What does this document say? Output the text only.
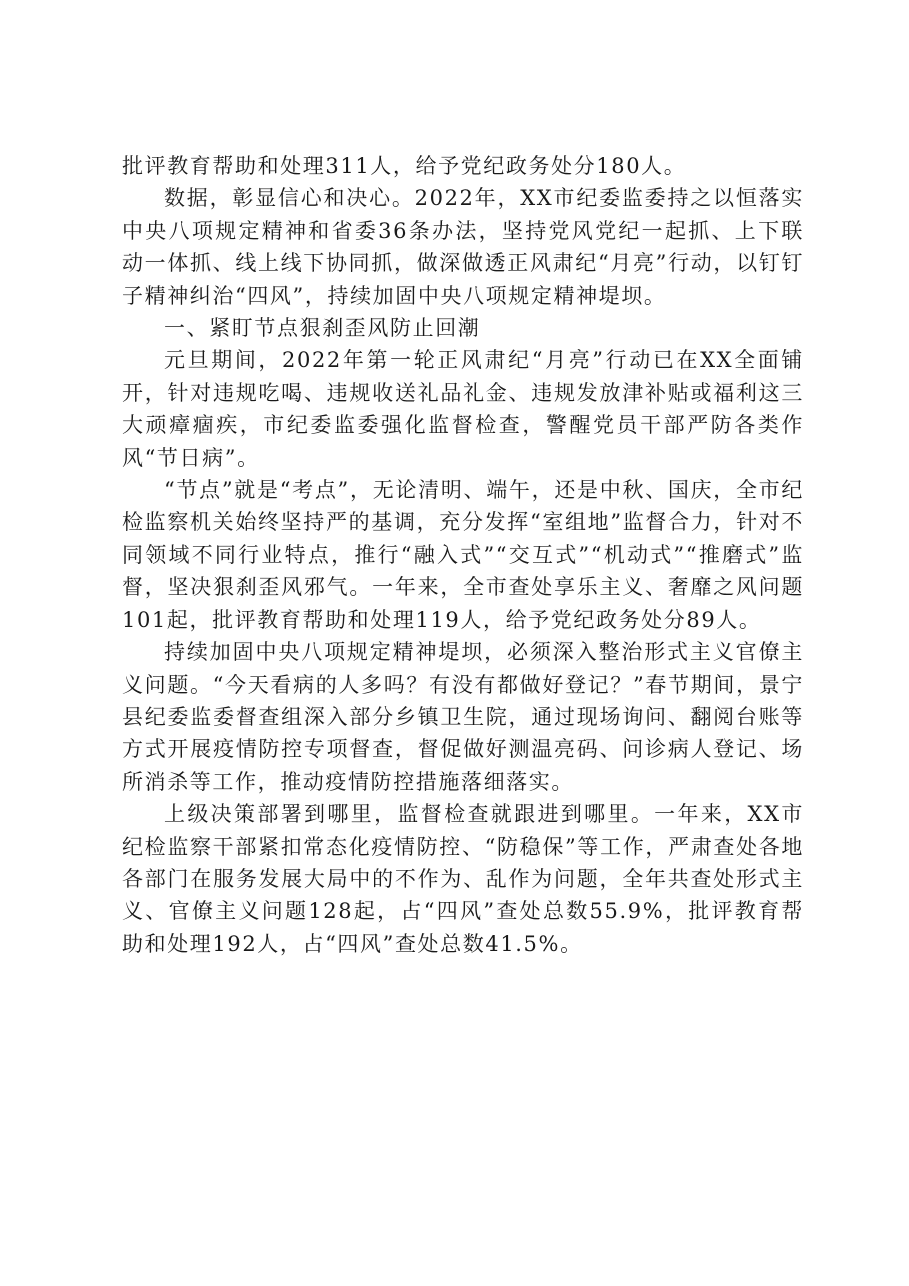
批评教育帮助和处理311人，给予党纪政务处分180人。

数据，彰显信心和决心。2022年，XX市纪委监委持之以恒落实中央八项规定精神和省委36条办法，坚持党风党纪一起抓、上下联动一体抓、线上线下协同抓，做深做透正风肃纪“月亮”行动，以钉钉子精神纠治“四风”，持续加固中央八项规定精神堤坝。

一、紧盯节点狠刹歪风防止回潮

元旦期间，2022年第一轮正风肃纪“月亮”行动已在XX全面铺开，针对违规吃喝、违规收送礼品礼金、违规发放津补贴或福利这三大顽瘴痼疾，市纪委监委强化监督检查，警醒党员干部严防各类作风“节日病”。

“节点”就是“考点”，无论清明、端午，还是中秋、国庆，全市纪检监察机关始终坚持严的基调，充分发挥“室组地”监督合力，针对不同领域不同行业特点，推行“融入式”“交互式”“机动式”“推磨式”监督，坚决狠刹歪风邪气。一年来，全市查处享乐主义、奢靡之风问题101起，批评教育帮助和处理119人，给予党纪政务处分89人。

持续加固中央八项规定精神堤坝，必须深入整治形式主义官僚主义问题。“今天看病的人多吗？有没有都做好登记？”春节期间，景宁县纪委监委督查组深入部分乡镇卫生院，通过现场询问、翻阅台账等方式开展疫情防控专项督查，督促做好测温亮码、问诊病人登记、场所消杀等工作，推动疫情防控措施落细落实。

上级决策部署到哪里，监督检查就跟进到哪里。一年来，XX市纪检监察干部紧扣常态化疫情防控、“防稳保”等工作，严肃查处各地各部门在服务发展大局中的不作为、乱作为问题，全年共查处形式主义、官僚主义问题128起，占“四风”查处总数55.9%，批评教育帮助和处理192人，占“四风”查处总数41.5%。
